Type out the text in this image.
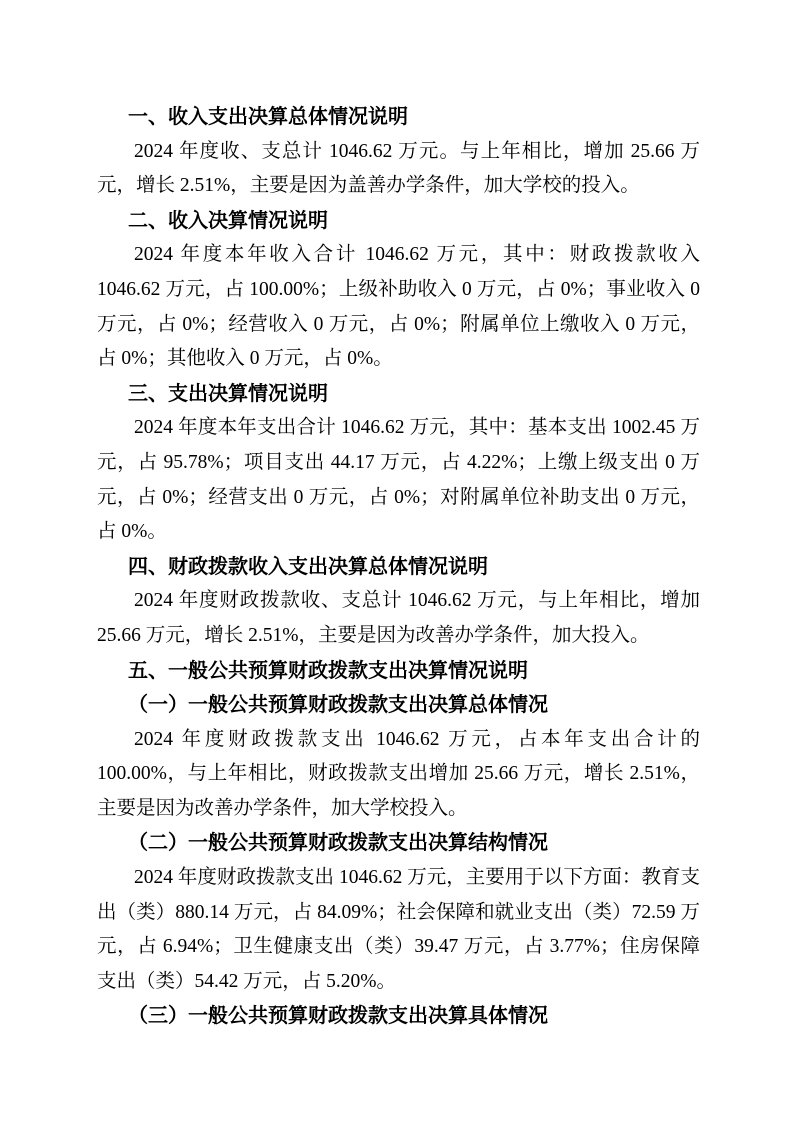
一、收入支出决算总体情况说明

2024 年度收、支总计 1046.62 万元。与上年相比，增加 25.66 万元，增长 2.51%，主要是因为盖善办学条件，加大学校的投入。

二、收入决算情况说明

2024 年度本年收入合计 1046.62 万元，其中：财政拨款收入 1046.62 万元，占 100.00%；上级补助收入 0 万元，占 0%；事业收入 0 万元，占 0%；经营收入 0 万元，占 0%；附属单位上缴收入 0 万元，占 0%；其他收入 0 万元，占 0%。

三、支出决算情况说明

2024 年度本年支出合计 1046.62 万元，其中：基本支出 1002.45 万元，占 95.78%；项目支出 44.17 万元，占 4.22%；上缴上级支出 0 万元，占 0%；经营支出 0 万元，占 0%；对附属单位补助支出 0 万元，占 0%。

四、财政拨款收入支出决算总体情况说明

2024 年度财政拨款收、支总计 1046.62 万元，与上年相比，增加 25.66 万元，增长 2.51%，主要是因为改善办学条件，加大投入。

五、一般公共预算财政拨款支出决算情况说明
（一）一般公共预算财政拨款支出决算总体情况

2024 年度财政拨款支出 1046.62 万元，占本年支出合计的 100.00%，与上年相比，财政拨款支出增加 25.66 万元，增长 2.51%，主要是因为改善办学条件，加大学校投入。

（二）一般公共预算财政拨款支出决算结构情况

2024 年度财政拨款支出 1046.62 万元，主要用于以下方面：教育支出（类）880.14 万元，占 84.09%；社会保障和就业支出（类）72.59 万元，占 6.94%；卫生健康支出（类）39.47 万元，占 3.77%；住房保障支出（类）54.42 万元，占 5.20%。

（三）一般公共预算财政拨款支出决算具体情况
